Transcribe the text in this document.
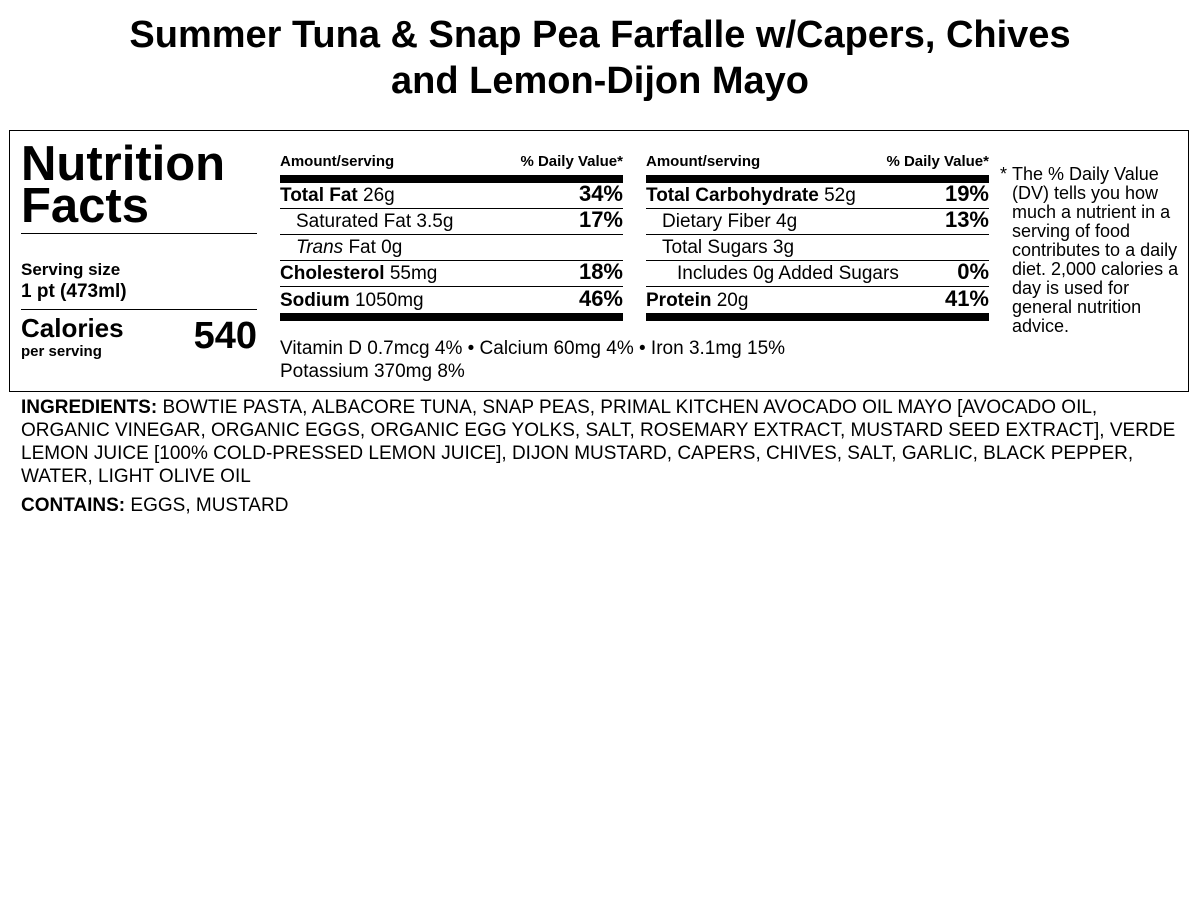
Summer Tuna & Snap Pea Farfalle w/Capers, Chives
and Lemon-Dijon Mayo
Nutrition
Facts
Serving size
1 pt (473ml)
Calories
per serving 540
Amount/serving	% Daily Value*
Total Fat 26g	34%
Saturated Fat 3.5g	17%
Trans Fat 0g
Cholesterol 55mg	18%
Sodium 1050mg	46%
Amount/serving	% Daily Value*
Total Carbohydrate 52g	19%
Dietary Fiber 4g	13%
Total Sugars 3g
Includes 0g Added Sugars	0%
Protein 20g	41%
Vitamin D 0.7mcg 4% • Calcium 60mg 4% • Iron 3.1mg 15%
Potassium 370mg 8%
* The % Daily Value (DV) tells you how much a nutrient in a serving of food contributes to a daily diet. 2,000 calories a day is used for general nutrition advice.
INGREDIENTS: BOWTIE PASTA, ALBACORE TUNA, SNAP PEAS, PRIMAL KITCHEN AVOCADO OIL MAYO [AVOCADO OIL, ORGANIC VINEGAR, ORGANIC EGGS, ORGANIC EGG YOLKS, SALT, ROSEMARY EXTRACT, MUSTARD SEED EXTRACT], VERDE LEMON JUICE [100% COLD-PRESSED LEMON JUICE], DIJON MUSTARD, CAPERS, CHIVES, SALT, GARLIC, BLACK PEPPER, WATER, LIGHT OLIVE OIL
CONTAINS: EGGS, MUSTARD
